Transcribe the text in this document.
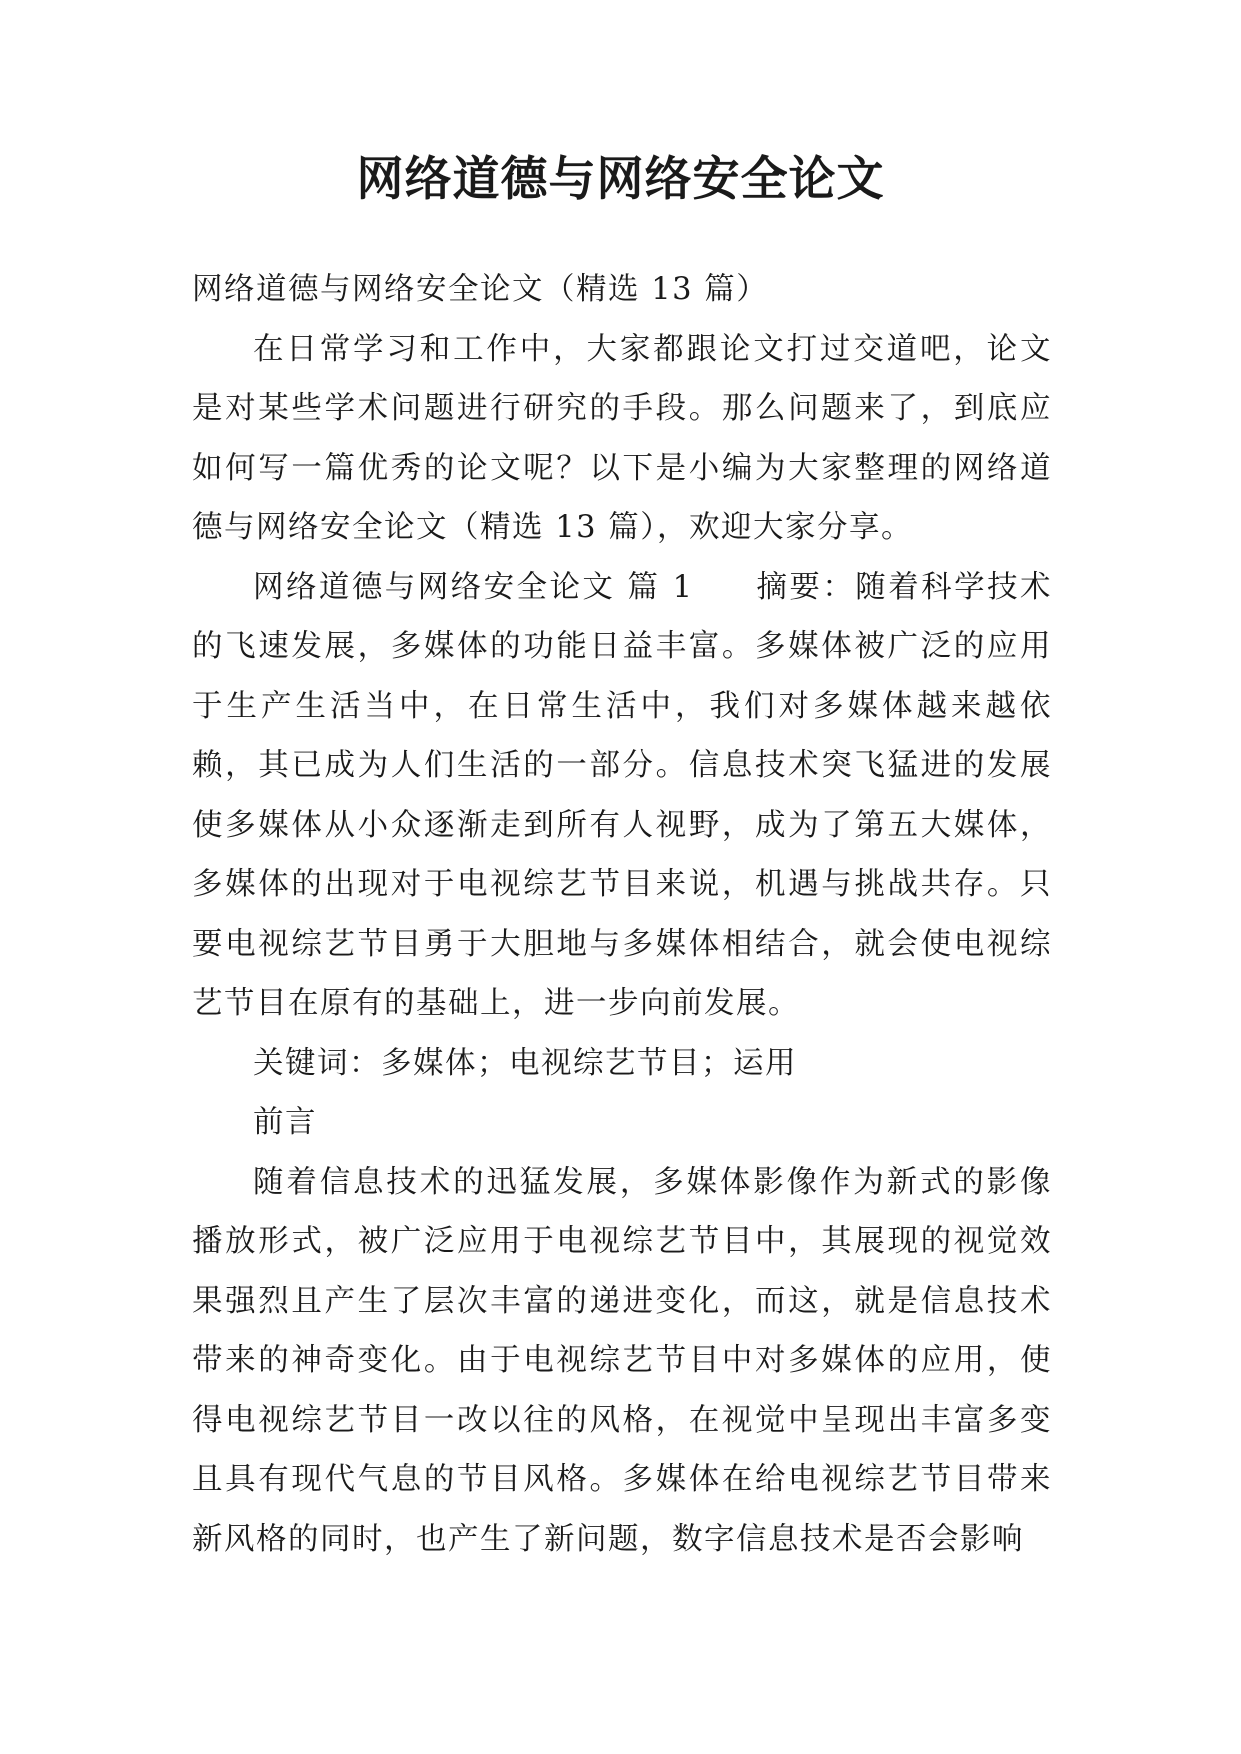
网络道德与网络安全论文

网络道德与网络安全论文（精选 13 篇）

在日常学习和工作中，大家都跟论文打过交道吧，论文是对某些学术问题进行研究的手段。那么问题来了，到底应如何写一篇优秀的论文呢？以下是小编为大家整理的网络道德与网络安全论文（精选 13 篇），欢迎大家分享。

网络道德与网络安全论文 篇 1 摘要：随着科学技术的飞速发展，多媒体的功能日益丰富。多媒体被广泛的应用于生产生活当中，在日常生活中，我们对多媒体越来越依赖，其已成为人们生活的一部分。信息技术突飞猛进的发展使多媒体从小众逐渐走到所有人视野，成为了第五大媒体，多媒体的出现对于电视综艺节目来说，机遇与挑战共存。只要电视综艺节目勇于大胆地与多媒体相结合，就会使电视综艺节目在原有的基础上，进一步向前发展。

关键词：多媒体；电视综艺节目；运用

前言

随着信息技术的迅猛发展，多媒体影像作为新式的影像播放形式，被广泛应用于电视综艺节目中，其展现的视觉效果强烈且产生了层次丰富的递进变化，而这，就是信息技术带来的神奇变化。由于电视综艺节目中对多媒体的应用，使得电视综艺节目一改以往的风格，在视觉中呈现出丰富多变且具有现代气息的节目风格。多媒体在给电视综艺节目带来新风格的同时，也产生了新问题，数字信息技术是否会影响
